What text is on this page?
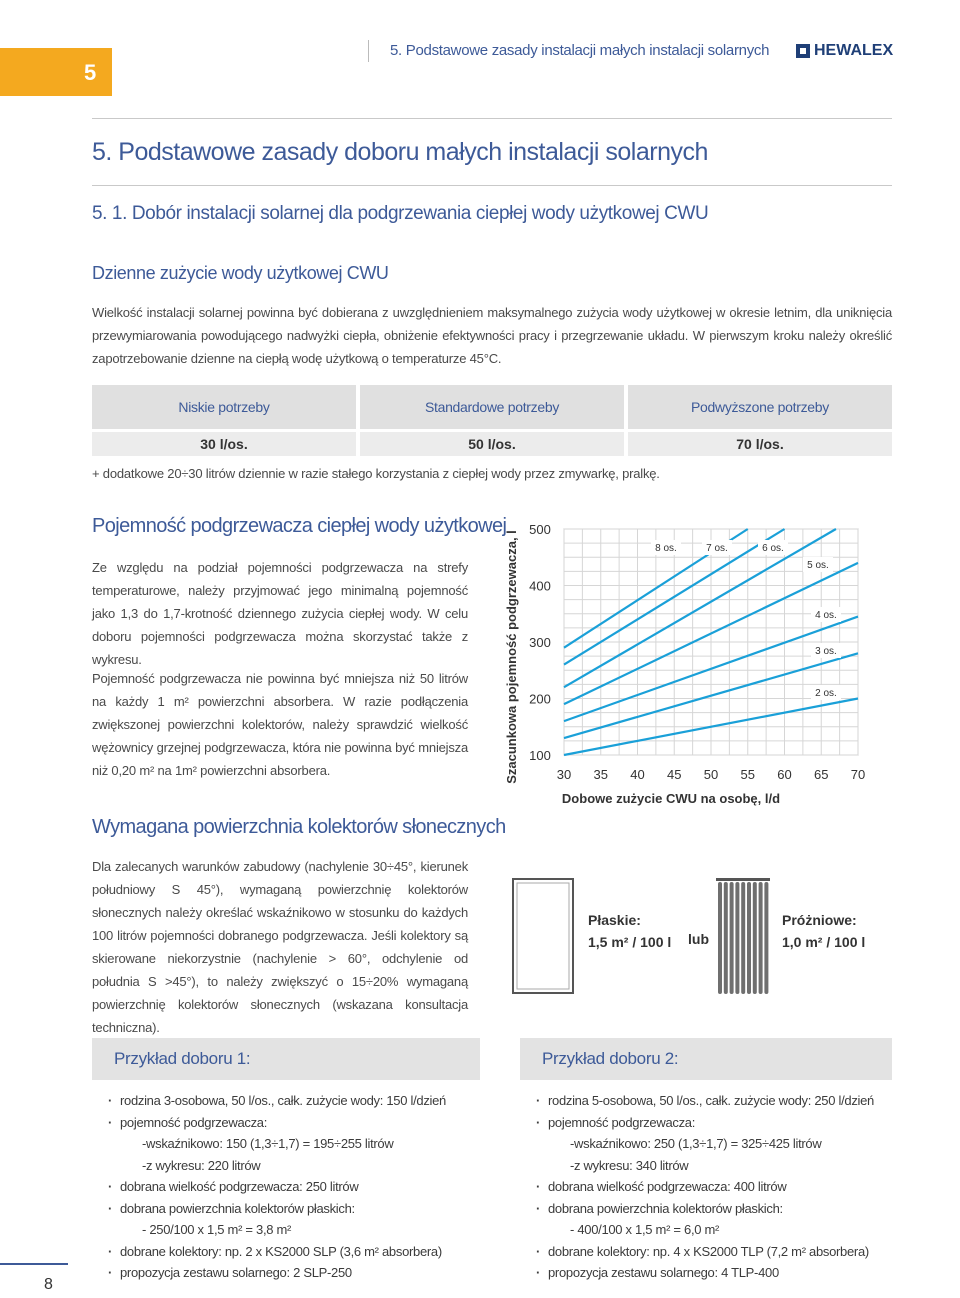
5
5. Podstawowe zasady instalacji małych instalacji solarnych	HEWALEX
5. Podstawowe zasady doboru małych instalacji solarnych
5. 1. Dobór instalacji solarnej dla podgrzewania ciepłej wody użytkowej CWU
Dzienne zużycie wody użytkowej CWU
Wielkość instalacji solarnej powinna być dobierana z uwzględnieniem maksymalnego zużycia wody użytkowej w okresie letnim, dla uniknięcia przewymiarowania powodującego nadwyżki ciepła, obniżenie efektywności pracy i przegrzewanie układu. W pierwszym kroku należy określić zapotrzebowanie dzienne na ciepłą wodę użytkową o temperaturze 45°C.
Niskie potrzeby
30 l/os.
Standardowe potrzeby
50 l/os.
Podwyższone potrzeby
70 l/os.
+ dodatkowe 20÷30 litrów dziennie w razie stałego korzystania z ciepłej wody przez zmywarkę, pralkę.
Pojemność podgrzewacza ciepłej wody użytkowej
Ze względu na podział pojemności podgrzewacza na strefy temperaturowe, należy przyjmować jego minimalną pojemność jako 1,3 do 1,7-krotność dziennego zużycia ciepłej wody. W celu doboru pojemności podgrzewacza można skorzystać także z wykresu.
Pojemność podgrzewacza nie powinna być mniejsza niż 50 litrów na każdy 1 m² powierzchni absorbera. W razie podłączenia zwiększonej powierzchni kolektorów, należy sprawdzić wielkość wężownicy grzejnej podgrzewacza, która nie powinna być mniejsza niż 0,20 m² na 1m² powierzchni absorbera.	Szacunkowa pojemność podgrzewacza, l 100
200
300
400
500
30 35 40 45 50 55 60 65 70
2 os.
3 os.
4 os.
5 os.
6 os.
7 os.
8 os.
Dobowe zużycie CWU na osobę, l/d
Wymagana powierzchnia kolektorów słonecznych
Dla zalecanych warunków zabudowy (nachylenie 30÷45°, kierunek południowy S 45°), wymaganą powierzchnię kolektorów słonecznych należy określać wskaźnikowo w stosunku do każdych 100 litrów pojemności dobranego podgrzewacza. Jeśli kolektory są skierowane niekorzystnie (nachylenie > 60°, odchylenie od południa S >45°), to należy zwiększyć o 15÷20% wymaganą powierzchnię kolektorów słonecznych (wskazana konsultacja techniczna).
Płaskie:
1,5 m² / 100 l lub
Próżniowe:
1,0 m² / 100 l
Przykład doboru 1:
· rodzina 3-osobowa, 50 l/os., całk. zużycie wody: 150 l/dzień
· pojemność podgrzewacza:
-wskaźnikowo: 150 (1,3÷1,7) = 195÷255 litrów
-z wykresu: 220 litrów
· dobrana wielkość podgrzewacza: 250 litrów
· dobrana powierzchnia kolektorów płaskich:
- 250/100 x 1,5 m² = 3,8 m²
· dobrane kolektory: np. 2 x KS2000 SLP (3,6 m² absorbera)
· propozycja zestawu solarnego: 2 SLP-250
Przykład doboru 2:
· rodzina 5-osobowa, 50 l/os., całk. zużycie wody: 250 l/dzień
· pojemność podgrzewacza:
-wskaźnikowo: 250 (1,3÷1,7) = 325÷425 litrów
-z wykresu: 340 litrów
· dobrana wielkość podgrzewacza: 400 litrów
· dobrana powierzchnia kolektorów płaskich:
- 400/100 x 1,5 m² = 6,0 m²
· dobrane kolektory: np. 4 x KS2000 TLP (7,2 m² absorbera)
· propozycja zestawu solarnego: 4 TLP-400
8
